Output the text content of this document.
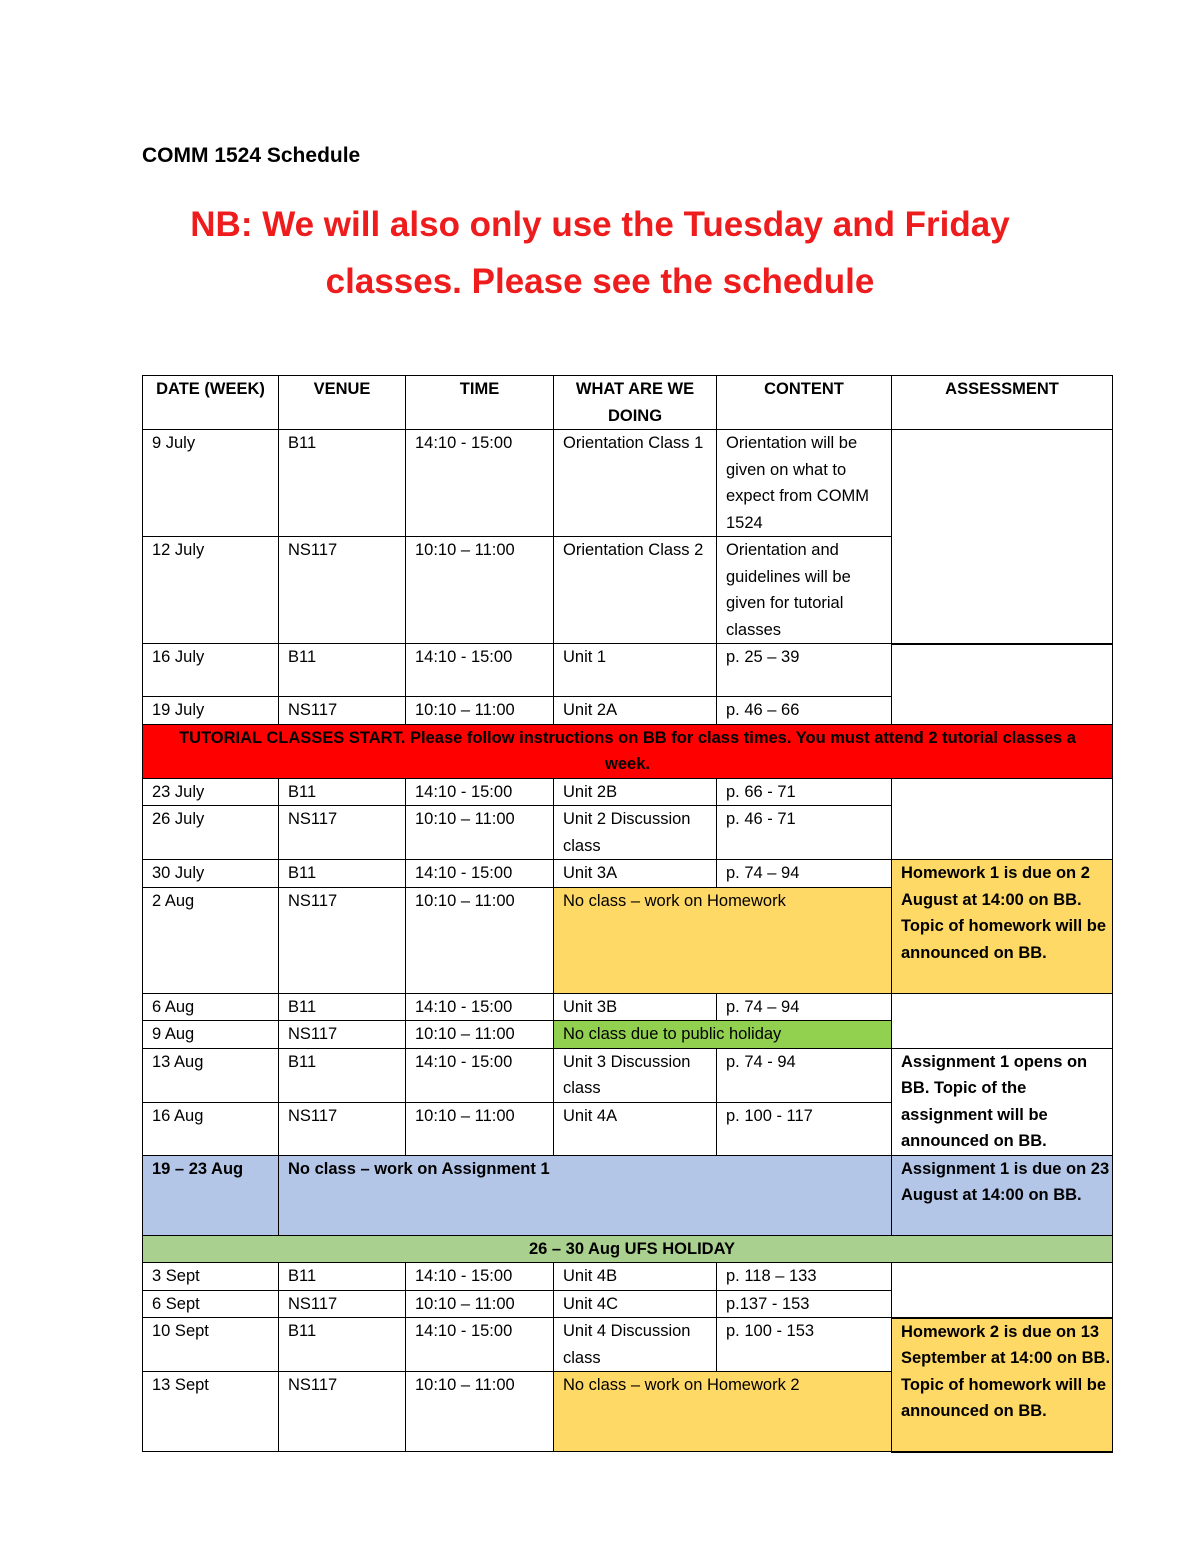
COMM 1524 Schedule
NB: We will also only use the Tuesday and Friday
classes. Please see the schedule
DATE (WEEK)	VENUE	TIME	WHAT ARE WE DOING	CONTENT	ASSESSMENT
9 July	B11	14:10 - 15:00	Orientation Class 1	Orientation will be given on what to expect from COMM 1524	
12 July	NS117	10:10 – 11:00	Orientation Class 2	Orientation and guidelines will be given for tutorial classes	
16 July	B11	14:10 - 15:00	Unit 1	p. 25 – 39	
19 July	NS117	10:10 – 11:00	Unit 2A	p. 46 – 66	
TUTORIAL CLASSES START. Please follow instructions on BB for class times. You must attend 2 tutorial classes a week.					
23 July	B11	14:10 - 15:00	Unit 2B	p. 66 - 71	
26 July	NS117	10:10 – 11:00	Unit 2 Discussion class	p. 46 - 71	
30 July	B11	14:10 - 15:00	Unit 3A	p. 74 – 94	Homework 1 is due on 2 August at 14:00 on BB. Topic of homework will be announced on BB.
2 Aug	NS117	10:10 – 11:00	No class – work on Homework		
6 Aug	B11	14:10 - 15:00	Unit 3B	p. 74 – 94	
9 Aug	NS117	10:10 – 11:00	No class due to public holiday		
13 Aug	B11	14:10 - 15:00	Unit 3 Discussion class	p. 74 - 94	Assignment 1 opens on BB. Topic of the assignment will be announced on BB.
16 Aug	NS117	10:10 – 11:00	Unit 4A	p. 100 - 117	
19 – 23 Aug	No class – work on Assignment 1				Assignment 1 is due on 23 August at 14:00 on BB.
26 – 30 Aug UFS HOLIDAY					
3 Sept	B11	14:10 - 15:00	Unit 4B	p. 118 – 133	
6 Sept	NS117	10:10 – 11:00	Unit 4C	p.137 - 153	
10 Sept	B11	14:10 - 15:00	Unit 4 Discussion class	p. 100 - 153	Homework 2 is due on 13 September at 14:00 on BB. Topic of homework will be announced on BB.
13 Sept	NS117	10:10 – 11:00	No class – work on Homework 2		
